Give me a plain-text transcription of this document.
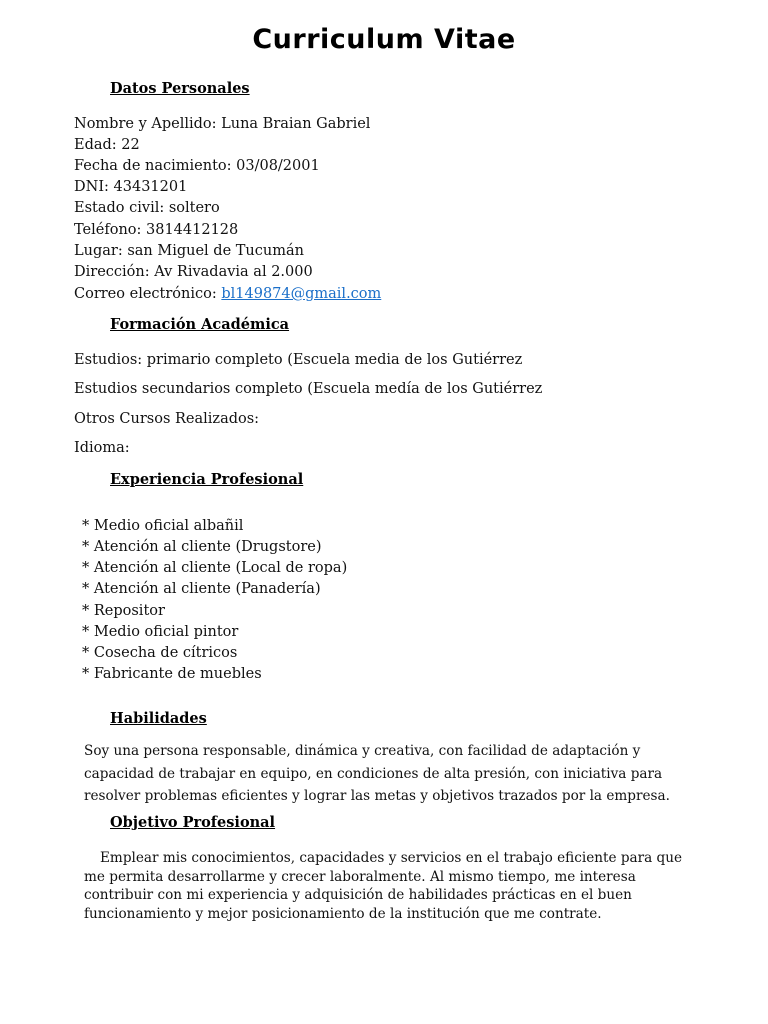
Curriculum Vitae
Datos Personales
Nombre y Apellido: Luna Braian Gabriel
Edad: 22
Fecha de nacimiento: 03/08/2001
DNI: 43431201
Estado civil: soltero
Teléfono: 3814412128
Lugar: san Miguel de Tucumán
Dirección: Av Rivadavia al 2.000
Correo electrónico: bl149874@gmail.com
Formación Académica
Estudios: primario completo (Escuela media de los Gutiérrez
Estudios secundarios completo (Escuela medía de los Gutiérrez
Otros Cursos Realizados:
Idioma:
Experiencia Profesional
* Medio oficial albañil
* Atención al cliente (Drugstore)
* Atención al cliente (Local de ropa)
* Atención al cliente (Panadería)
* Repositor
* Medio oficial pintor
* Cosecha de cítricos
* Fabricante de muebles
Habilidades

Soy una persona responsable, dinámica y creativa, con facilidad de adaptación y capacidad de trabajar en equipo, en condiciones de alta presión, con iniciativa para resolver problemas eficientes y lograr las metas y objetivos trazados por la empresa.

Objetivo Profesional

Emplear mis conocimientos, capacidades y servicios en el trabajo eficiente para que me permita desarrollarme y crecer laboralmente. Al mismo tiempo, me interesa contribuir con mi experiencia y adquisición de habilidades prácticas en el buen funcionamiento y mejor posicionamiento de la institución que me contrate.
